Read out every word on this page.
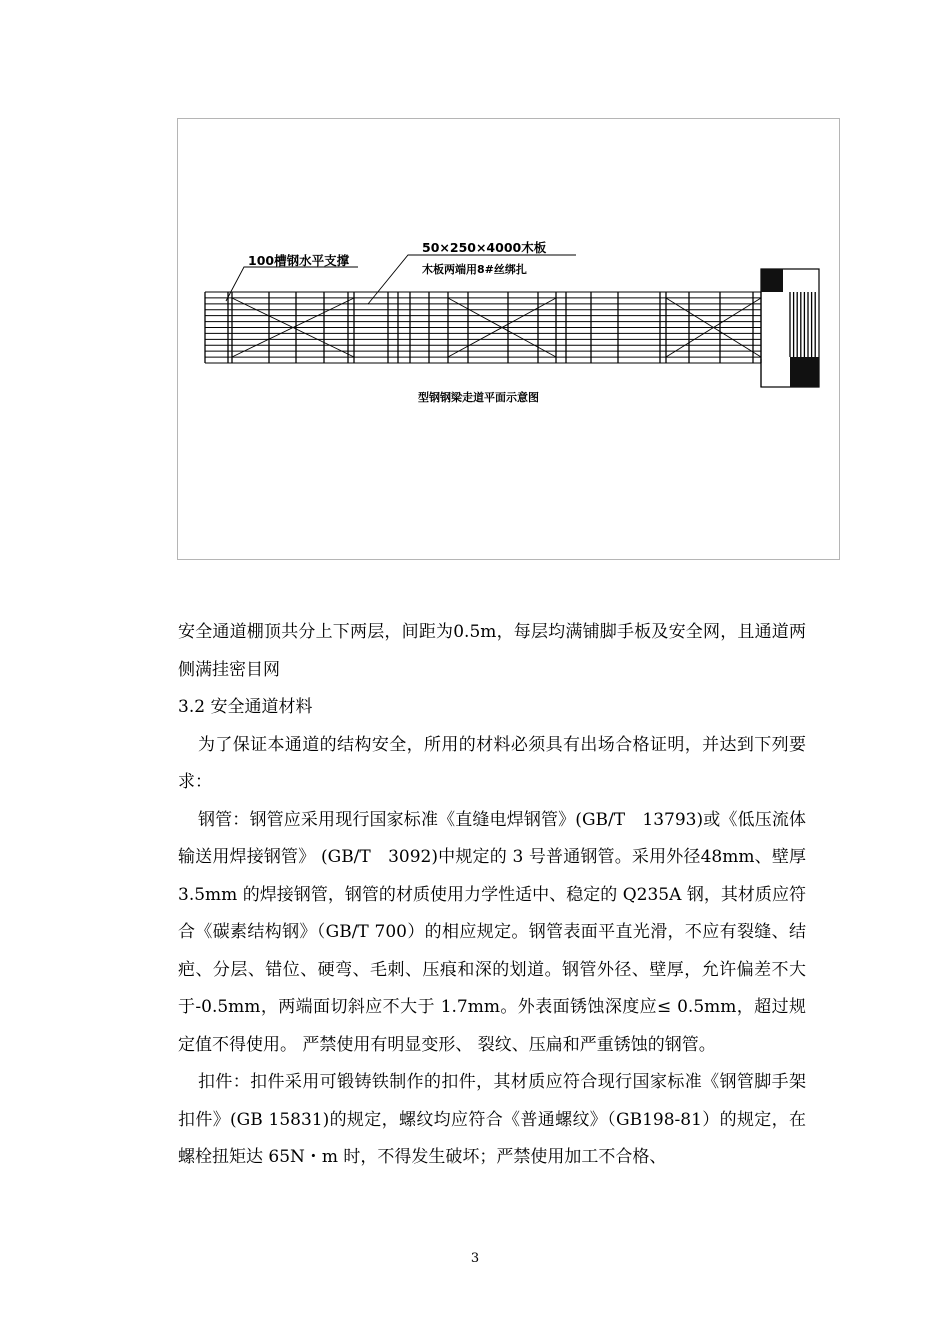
100槽钢水平支撑
50×250×4000木板
木板两端用8#丝绑扎
型钢钢梁走道平面示意图

安全通道棚顶共分上下两层，间距为0.5m，每层均满铺脚手板及安全网，且通道两侧满挂密目网

3.2 安全通道材料

为了保证本通道的结构安全，所用的材料必须具有出场合格证明，并达到下列要求：

钢管：钢管应采用现行国家标准《直缝电焊钢管》(GB/T　13793)或《低压流体输送用焊接钢管》 (GB/T　3092)中规定的 3 号普通钢管。采用外径48mm、壁厚 3.5mm 的焊接钢管，钢管的材质使用力学性适中、稳定的 Q235A 钢，其材质应符合《碳素结构钢》（GB/T 700）的相应规定。钢管表面平直光滑，不应有裂缝、结疤、分层、错位、硬弯、毛刺、压痕和深的划道。钢管外径、壁厚，允许偏差不大于-0.5mm，两端面切斜应不大于 1.7mm。外表面锈蚀深度应≤ 0.5mm，超过规定值不得使用。 严禁使用有明显变形、 裂纹、压扁和严重锈蚀的钢管。

扣件：扣件采用可锻铸铁制作的扣件，其材质应符合现行国家标准《钢管脚手架扣件》(GB 15831)的规定，螺纹均应符合《普通螺纹》（GB198-81）的规定，在螺栓扭矩达 65N・m 时，不得发生破坏；严禁使用加工不合格、

3
